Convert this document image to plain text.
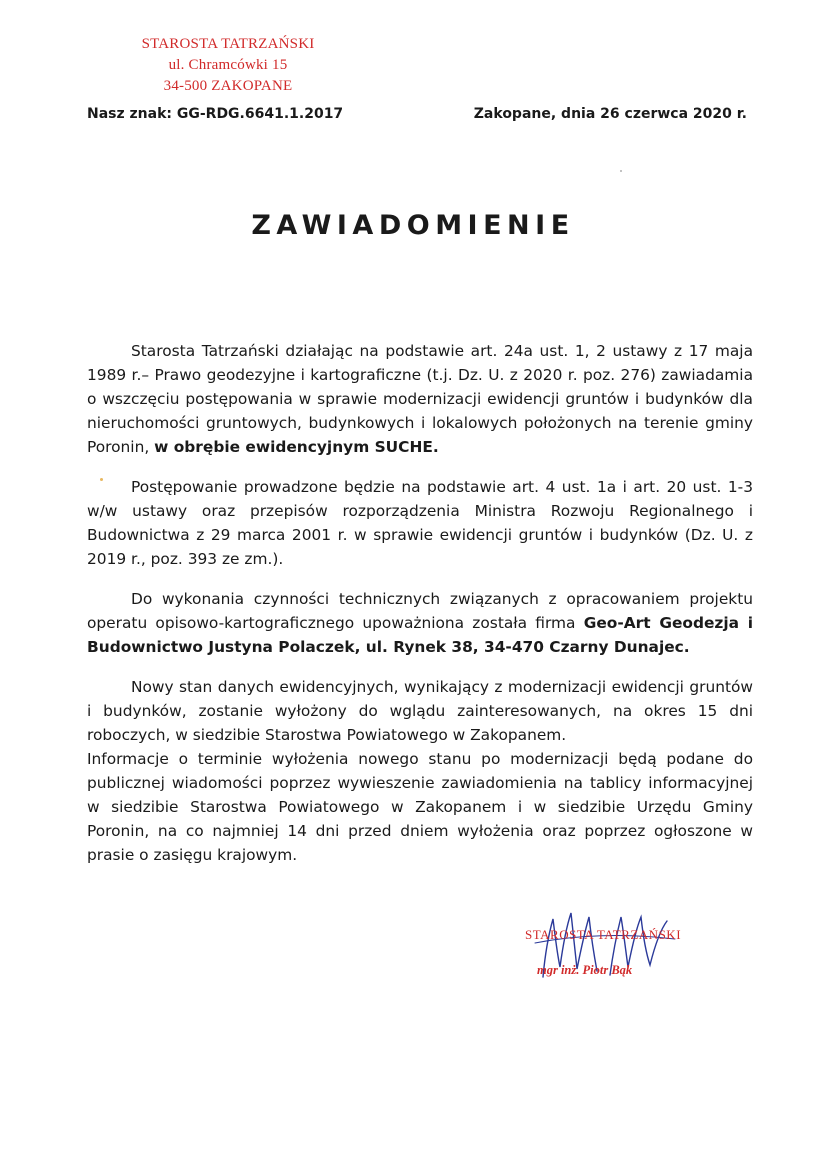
STAROSTA TATRZAŃSKI
ul. Chramcówki 15
34-500 ZAKOPANE
Nasz znak: GG-RDG.6641.1.2017	Zakopane, dnia 26 czerwca 2020 r.
ZAWIADOMIENIE

Starosta Tatrzański działając na podstawie art. 24a ust. 1, 2 ustawy z 17 maja 1989 r.– Prawo geodezyjne i kartograficzne (t.j. Dz. U. z 2020 r. poz. 276) zawiadamia o wszczęciu postępowania w sprawie modernizacji ewidencji gruntów i budynków dla nieruchomości gruntowych, budynkowych i lokalowych położonych na terenie gminy Poronin, w obrębie ewidencyjnym SUCHE.

Postępowanie prowadzone będzie na podstawie art. 4 ust. 1a i art. 20 ust. 1-3 w/w ustawy oraz przepisów rozporządzenia Ministra Rozwoju Regionalnego i Budownictwa z 29 marca 2001 r. w sprawie ewidencji gruntów i budynków (Dz. U. z 2019 r., poz. 393 ze zm.).

Do wykonania czynności technicznych związanych z opracowaniem projektu operatu opisowo-kartograficznego upoważniona została firma Geo-Art Geodezja i Budownictwo Justyna Polaczek, ul. Rynek 38, 34-470 Czarny Dunajec.

Nowy stan danych ewidencyjnych, wynikający z modernizacji ewidencji gruntów i budynków, zostanie wyłożony do wglądu zainteresowanych, na okres 15 dni roboczych, w siedzibie Starostwa Powiatowego w Zakopanem.

Informacje o terminie wyłożenia nowego stanu po modernizacji będą podane do publicznej wiadomości poprzez wywieszenie zawiadomienia na tablicy informacyjnej w siedzibie Starostwa Powiatowego w Zakopanem i w siedzibie Urzędu Gminy Poronin, na co najmniej 14 dni przed dniem wyłożenia oraz poprzez ogłoszone w prasie o zasięgu krajowym.

STAROSTA TATRZAŃSKI
mgr inż. Piotr Bąk
